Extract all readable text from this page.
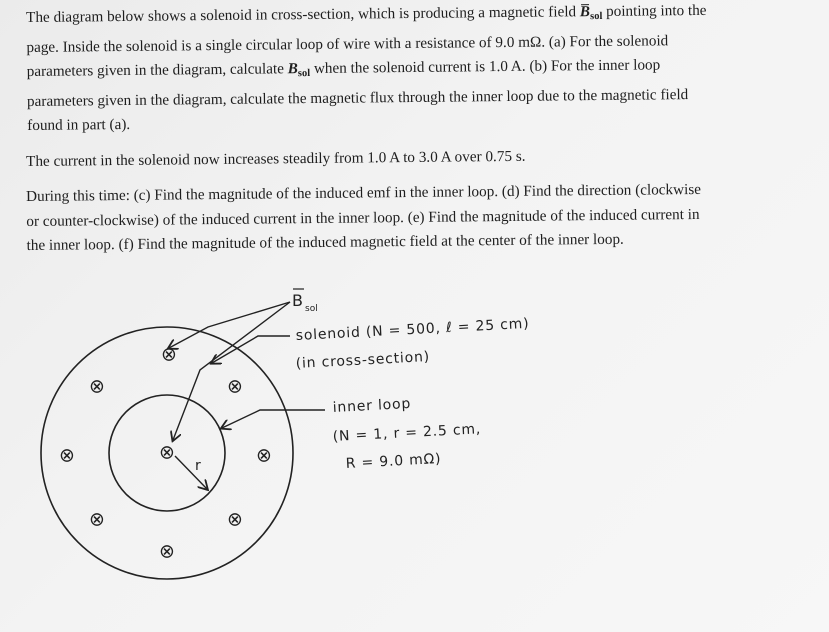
The diagram below shows a solenoid in cross-section, which is producing a magnetic field B
$_{sol}$ pointing into the
page. Inside the solenoid is a single circular loop of wire with a resistance of 9.0 mΩ. (a) For the solenoid
parameters given in the diagram, calculate $B_{sol}$ when the solenoid current is 1.0 A. (b) For the inner loop
parameters given in the diagram, calculate the magnetic flux through the inner loop due to the magnetic field
found in part (a).
The current in the solenoid now increases steadily from 1.0 A to 3.0 A over 0.75 s.
During this time: (c) Find the magnitude of the induced emf in the inner loop. (d) Find the direction (clockwise
or counter-clockwise) of the induced current in the inner loop. (e) Find the magnitude of the induced current in
the inner loop. (f) Find the magnitude of the induced magnetic field at the center of the inner loop.
⊗
⊗	⊗
⊗	⊗	⊗
⊗	⊗
⊗
r
B sol
solenoid (N = 500, ℓ = 25 cm)
(in cross-section)
inner loop
(N = 1, r = 2.5 cm,
R = 9.0 mΩ)
